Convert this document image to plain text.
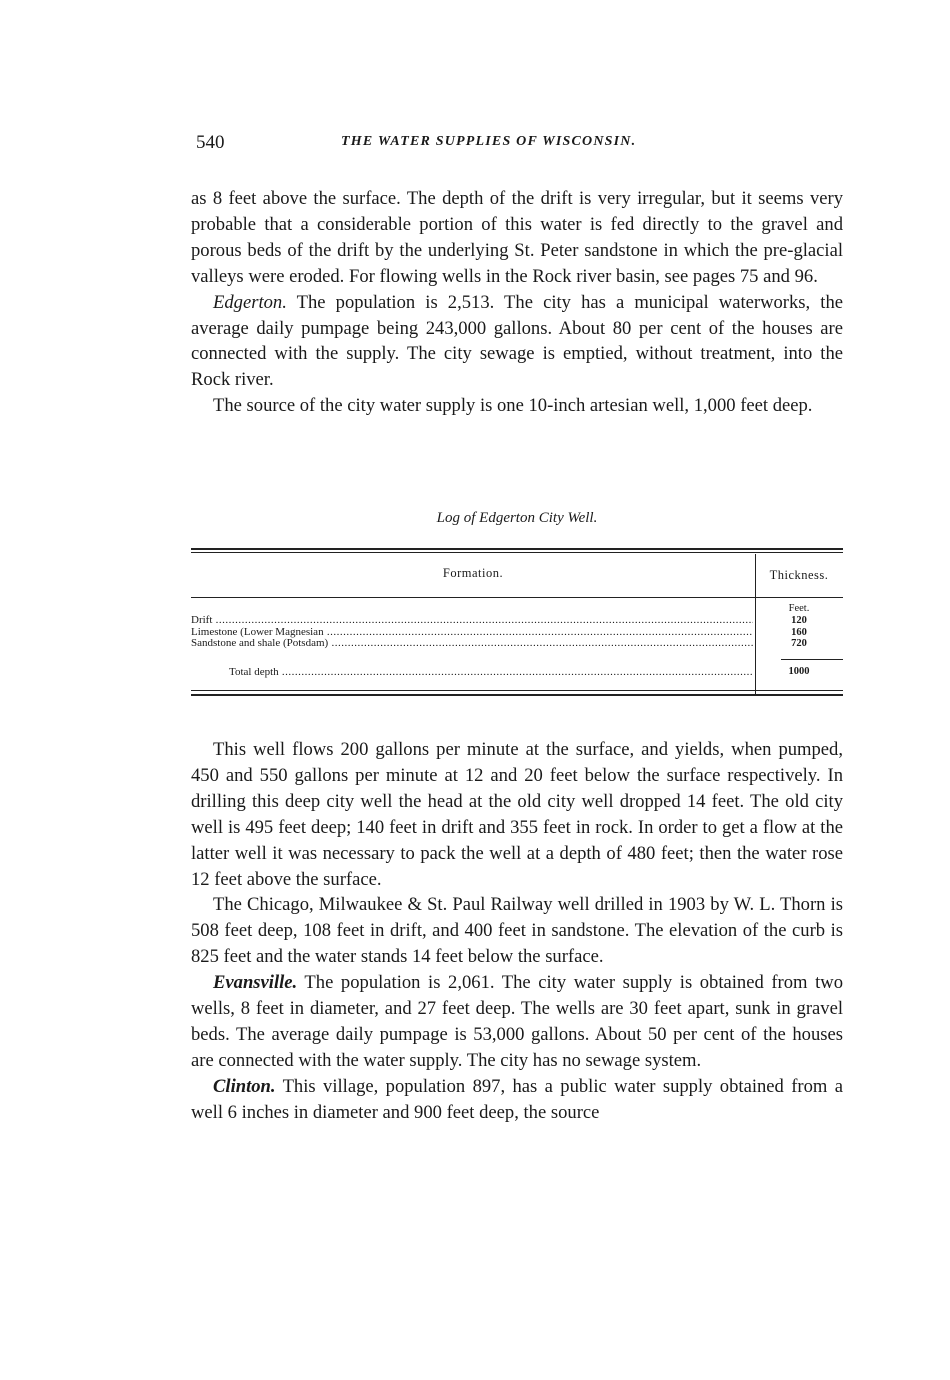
540	THE WATER SUPPLIES OF WISCONSIN.

as 8 feet above the surface. The depth of the drift is very irregular, but it seems very probable that a considerable portion of this water is fed directly to the gravel and porous beds of the drift by the underlying St. Peter sandstone in which the pre-glacial valleys were eroded. For flowing wells in the Rock river basin, see pages 75 and 96.

Edgerton. The population is 2,513. The city has a municipal waterworks, the average daily pumpage being 243,000 gallons. About 80 per cent of the houses are connected with the supply. The city sewage is emptied, without treatment, into the Rock river.

The source of the city water supply is one 10-inch artesian well, 1,000 feet deep.

Log of Edgerton City Well.
Formation.	Thickness.
Feet.
Drift .....	120
Limestone (Lower Magnesian .....	160
Sandstone and shale (Potsdam) .....	720
Total depth .....	1000

This well flows 200 gallons per minute at the surface, and yields, when pumped, 450 and 550 gallons per minute at 12 and 20 feet below the surface respectively. In drilling this deep city well the head at the old city well dropped 14 feet. The old city well is 495 feet deep; 140 feet in drift and 355 feet in rock. In order to get a flow at the latter well it was necessary to pack the well at a depth of 480 feet; then the water rose 12 feet above the surface.

The Chicago, Milwaukee & St. Paul Railway well drilled in 1903 by W. L. Thorn is 508 feet deep, 108 feet in drift, and 400 feet in sandstone. The elevation of the curb is 825 feet and the water stands 14 feet below the surface.

Evansville. The population is 2,061. The city water supply is obtained from two wells, 8 feet in diameter, and 27 feet deep. The wells are 30 feet apart, sunk in gravel beds. The average daily pumpage is 53,000 gallons. About 50 per cent of the houses are connected with the water supply. The city has no sewage system.

Clinton. This village, population 897, has a public water supply obtained from a well 6 inches in diameter and 900 feet deep, the source
